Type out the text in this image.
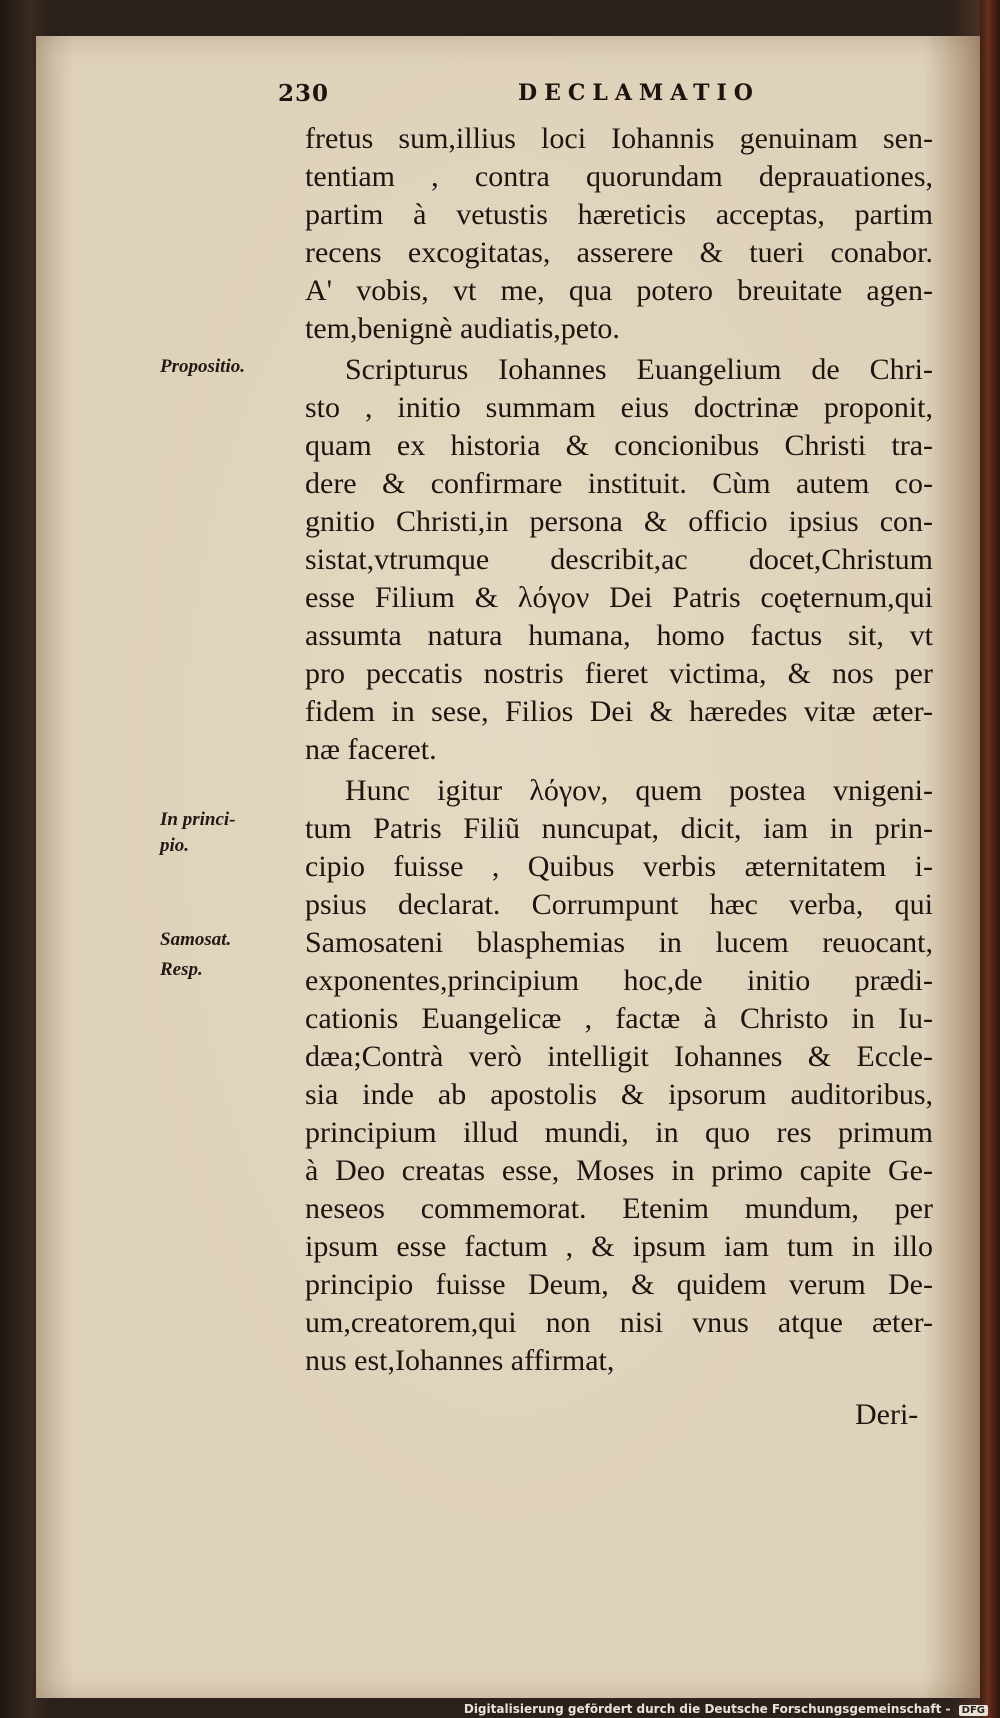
230	DECLAMATIO
Propositio.
In princi-
pio.
Samosat.
Resp.
fretus sum,illius loci Iohannis genuinam sen-
tentiam , contra quorundam deprauationes,
partim à vetustis hæreticis acceptas, partim
recens excogitatas, asserere & tueri conabor.
A' vobis, vt me, qua potero breuitate agen-
tem,benignè audiatis,peto.
Scripturus Iohannes Euangelium de Chri-
sto , initio summam eius doctrinæ proponit,
quam ex historia & concionibus Christi tra-
dere & confirmare instituit. Cùm autem co-
gnitio Christi,in persona & officio ipsius con-
sistat,vtrumque describit,ac docet,Christum
esse Filium & λόγον Dei Patris coęternum,qui
assumta natura humana, homo factus sit, vt
pro peccatis nostris fieret victima, & nos per
fidem in sese, Filios Dei & hæredes vitæ æter-
næ faceret.
Hunc igitur λόγον, quem postea vnigeni-
tum Patris Filiũ nuncupat, dicit, iam in prin-
cipio fuisse , Quibus verbis æternitatem i-
psius declarat. Corrumpunt hæc verba, qui
Samosateni blasphemias in lucem reuocant,
exponentes,principium hoc,de initio prædi-
cationis Euangelicæ , factæ à Christo in Iu-
dæa;Contrà verò intelligit Iohannes & Eccle-
sia inde ab apostolis & ipsorum auditoribus,
principium illud mundi, in quo res primum
à Deo creatas esse, Moses in primo capite Ge-
neseos commemorat. Etenim mundum, per
ipsum esse factum , & ipsum iam tum in illo
principio fuisse Deum, & quidem verum De-
um,creatorem,qui non nisi vnus atque æter-
nus est,Iohannes affirmat,
Deri-
Digitalisierung gefördert durch die Deutsche Forschungsgemeinschaft - DFG
